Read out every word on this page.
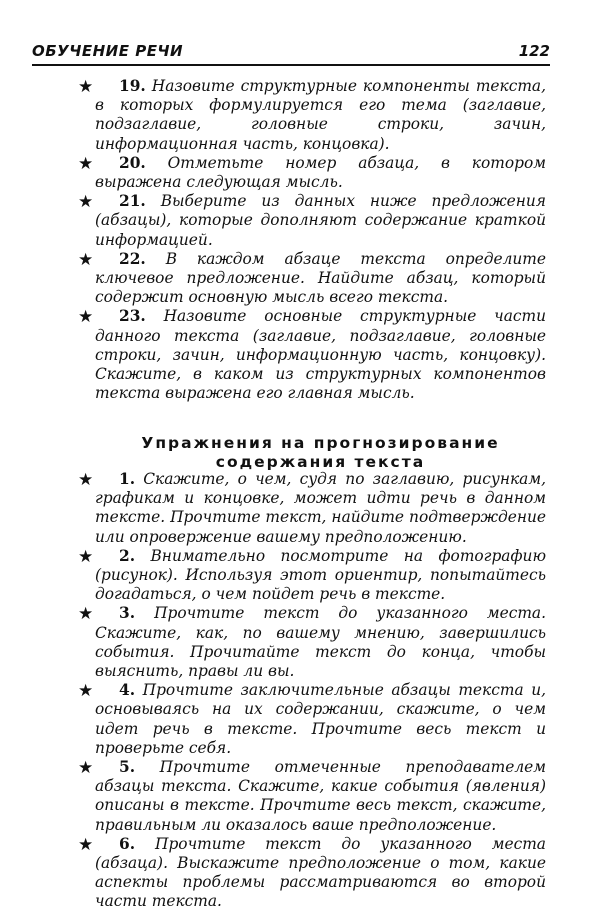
ОБУЧЕНИЕ РЕЧИ	122
★	19. Назовите структурные компоненты текста, в которых формулируется его тема (заглавие, подзаглавие, головные строки, зачин, информационная часть, концовка).
★	20. Отметьте номер абзаца, в котором выражена следующая мысль.
★	21. Выберите из данных ниже предложения (абзацы), которые дополняют содержание краткой информацией.
★	22. В каждом абзаце текста определите ключевое предложение. Найдите абзац, который содержит основную мысль всего текста.
★	23. Назовите основные структурные части данного текста (заглавие, подзаглавие, головные строки, зачин, информационную часть, концовку). Скажите, в каком из структурных компонентов текста выражена его главная мысль.
Упражнения на прогнозирование
содержания текста
★	1. Скажите, о чем, судя по заглавию, рисункам, графикам и концовке, может идти речь в данном тексте. Прочтите текст, найдите подтверждение или опровержение вашему предположению.
★	2. Внимательно посмотрите на фотографию (рисунок). Используя этот ориентир, попытайтесь догадаться, о чем пойдет речь в тексте.
★	3. Прочтите текст до указанного места. Скажите, как, по вашему мнению, завершились события. Прочитайте текст до конца, чтобы выяснить, правы ли вы.
★	4. Прочтите заключительные абзацы текста и, основываясь на их содержании, скажите, о чем идет речь в тексте. Прочтите весь текст и проверьте себя.
★	5. Прочтите отмеченные преподавателем абзацы текста. Скажите, какие события (явления) описаны в тексте. Прочтите весь текст, скажите, правильным ли оказалось ваше предположение.
★	6. Прочтите текст до указанного места (абзаца). Выскажите предположение о том, какие аспекты проблемы рассматриваются во второй части текста.
